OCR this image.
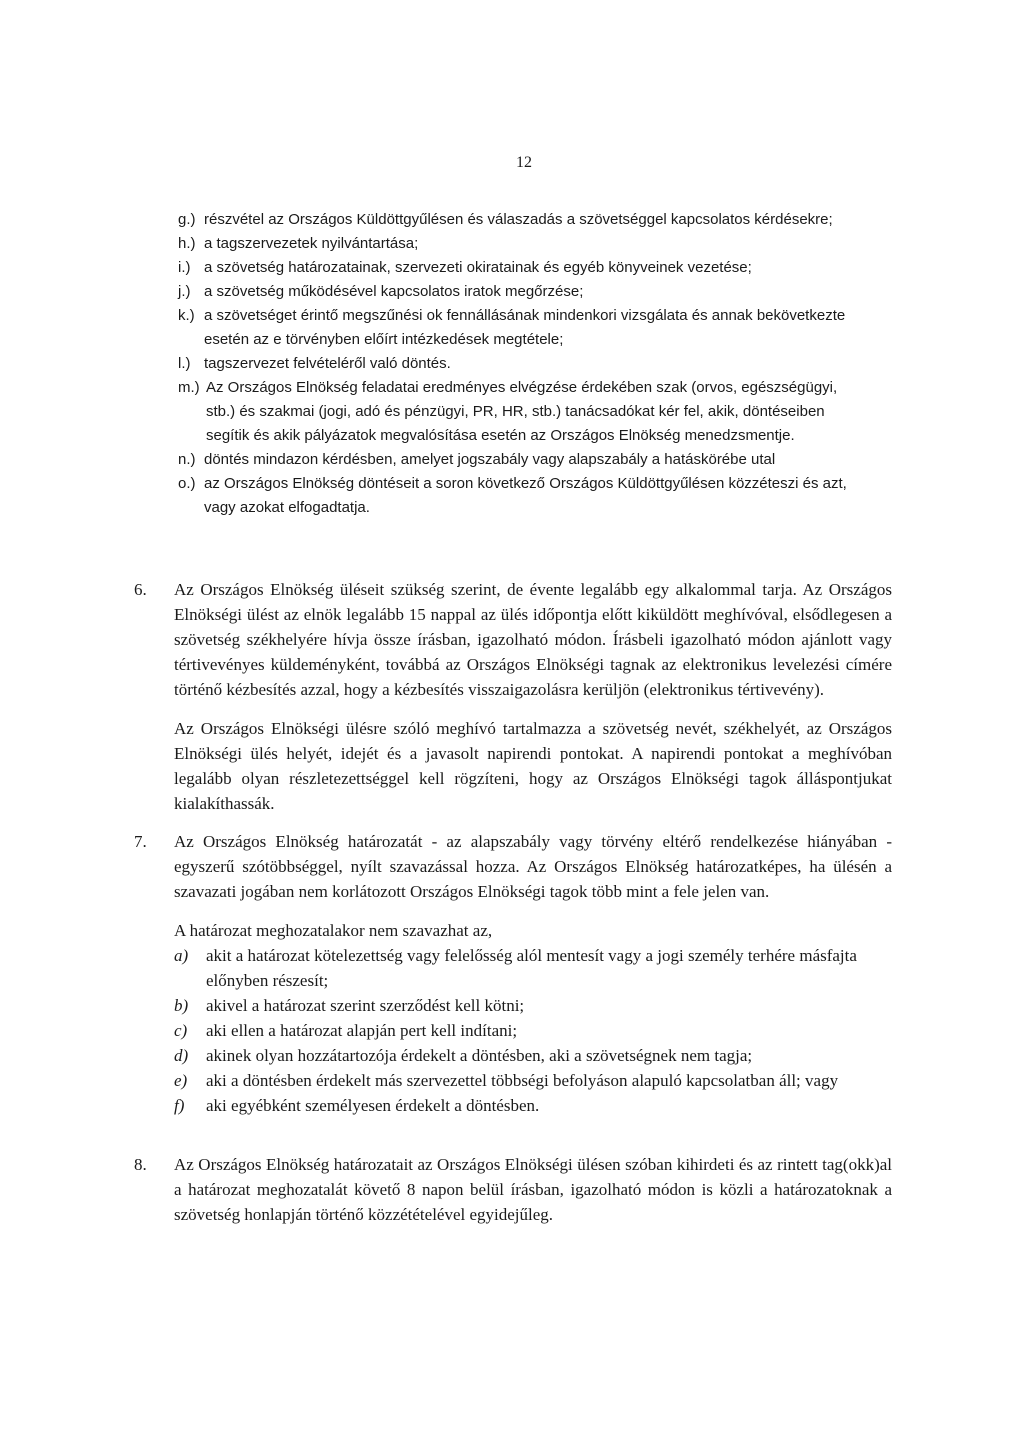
12
g.) részvétel az Országos Küldöttgyűlésen és válaszadás a szövetséggel kapcsolatos kérdésekre;
h.) a tagszervezetek nyilvántartása;
i.) a szövetség határozatainak, szervezeti okiratainak és egyéb könyveinek vezetése;
j.) a szövetség működésével kapcsolatos iratok megőrzése;
k.) a szövetséget érintő megszűnési ok fennállásának mindenkori vizsgálata és annak bekövetkezte esetén az e törvényben előírt intézkedések megtétele;
l.) tagszervezet felvételéről való döntés.
m.) Az Országos Elnökség feladatai eredményes elvégzése érdekében szak (orvos, egészségügyi, stb.) és szakmai (jogi, adó és pénzügyi, PR, HR, stb.) tanácsadókat kér fel, akik, döntéseiben segítik és akik pályázatok megvalósítása esetén az Országos Elnökség menedzsmentje.
n.) döntés mindazon kérdésben, amelyet jogszabály vagy alapszabály a hatáskörébe utal
o.) az Országos Elnökség döntéseit a soron következő Országos Küldöttgyűlésen közzéteszi és azt, vagy azokat elfogadtatja.
6. Az Országos Elnökség üléseit szükség szerint, de évente legalább egy alkalommal tarja. Az Országos Elnökségi ülést az elnök legalább 15 nappal az ülés időpontja előtt kiküldött meghívóval, elsődlegesen a szövetség székhelyére hívja össze írásban, igazolható módon. Írásbeli igazolható módon ajánlott vagy tértivevényes küldeményként, továbbá az Országos Elnökségi tagnak az elektronikus levelezési címére történő kézbesítés azzal, hogy a kézbesítés visszaigazolásra kerüljön (elektronikus tértivevény).

Az Országos Elnökségi ülésre szóló meghívó tartalmazza a szövetség nevét, székhelyét, az Országos Elnökségi ülés helyét, idejét és a javasolt napirendi pontokat. A napirendi pontokat a meghívóban legalább olyan részletezettséggel kell rögzíteni, hogy az Országos Elnökségi tagok álláspontjukat kialakíthassák.

7. Az Országos Elnökség határozatát - az alapszabály vagy törvény eltérő rendelkezése hiányában - egyszerű szótöbbséggel, nyílt szavazással hozza. Az Országos Elnökség határozatképes, ha ülésén a szavazati jogában nem korlátozott Országos Elnökségi tagok több mint a fele jelen van.

A határozat meghozatalakor nem szavazhat az,

a) akit a határozat kötelezettség vagy felelősség alól mentesít vagy a jogi személy terhére másfajta előnyben részesít;
b) akivel a határozat szerint szerződést kell kötni;
c) aki ellen a határozat alapján pert kell indítani;
d) akinek olyan hozzátartozója érdekelt a döntésben, aki a szövetségnek nem tagja;
e) aki a döntésben érdekelt más szervezettel többségi befolyáson alapuló kapcsolatban áll; vagy
f) aki egyébként személyesen érdekelt a döntésben.
8. Az Országos Elnökség határozatait az Országos Elnökségi ülésen szóban kihirdeti és az rintett tag(okk)al a határozat meghozatalát követő 8 napon belül írásban, igazolható módon is közli a határozatoknak a szövetség honlapján történő közzétételével egyidejűleg.
